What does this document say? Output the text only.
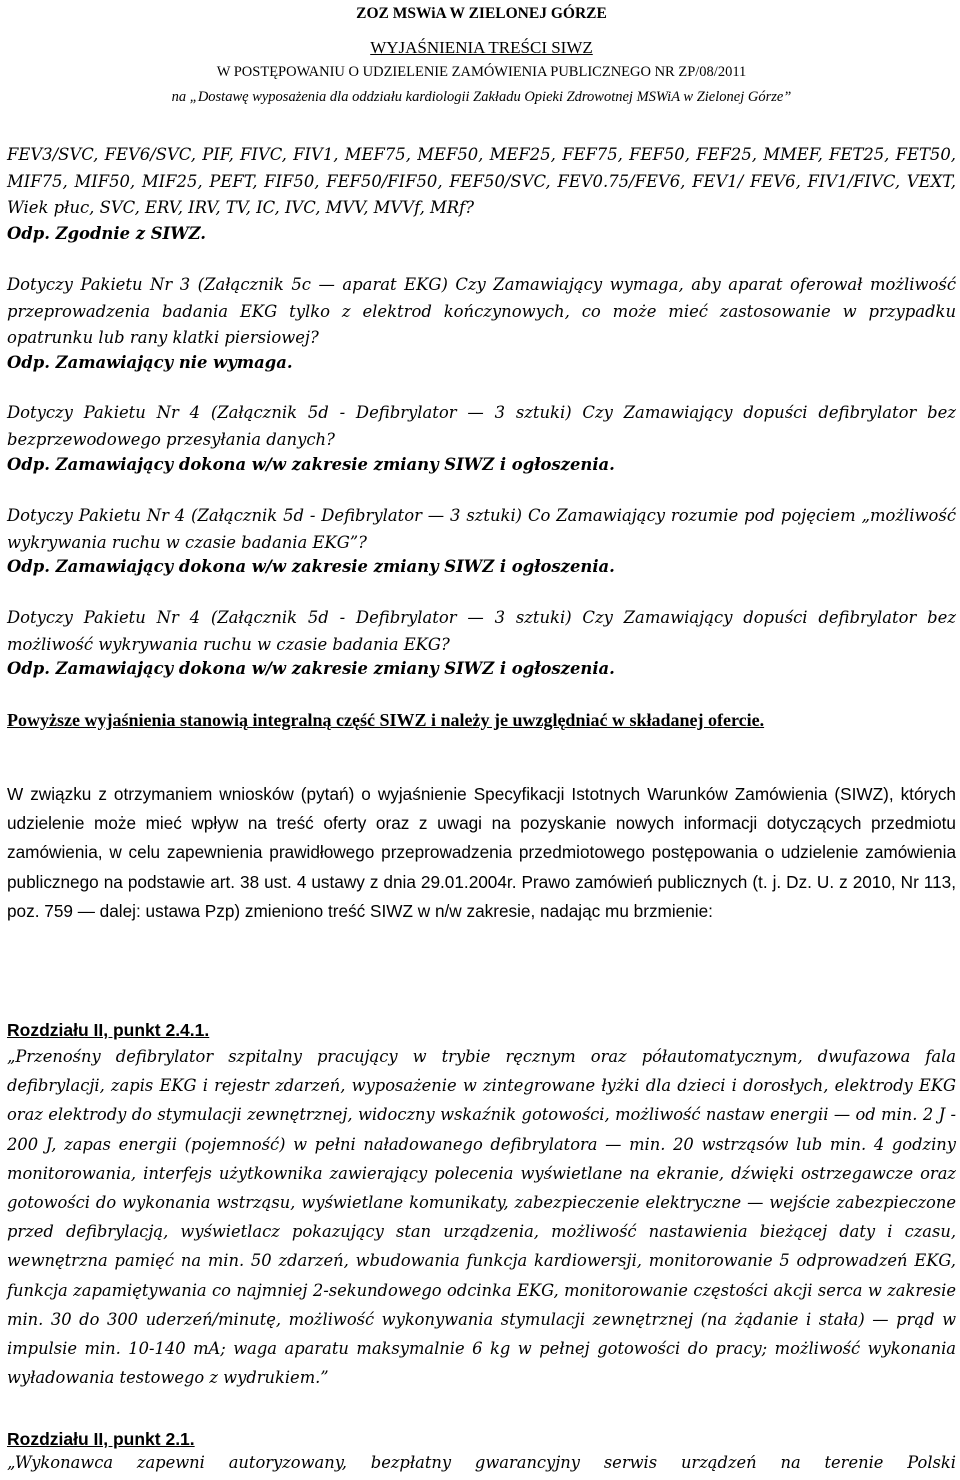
ZOZ MSWiA W ZIELONEJ GÓRZE
WYJAŚNIENIA TREŚCI SIWZ
W POSTĘPOWANIU O UDZIELENIE ZAMÓWIENIA PUBLICZNEGO NR ZP/08/2011
na „Dostawę wyposażenia dla oddziału kardiologii Zakładu Opieki Zdrowotnej MSWiA w Zielonej Górze”
FEV3/SVC, FEV6/SVC, PIF, FIVC, FIV1, MEF75, MEF50, MEF25, FEF75, FEF50, FEF25, MMEF, FET25, FET50, MIF75, MIF50, MIF25, PEFT, FIF50, FEF50/FIF50, FEF50/SVC, FEV0.75/FEV6, FEV1/ FEV6, FIV1/FIVC, VEXT, Wiek płuc, SVC, ERV, IRV, TV, IC, IVC, MVV, MVVf, MRf?
Odp. Zgodnie z SIWZ.
Dotyczy Pakietu Nr 3 (Załącznik 5c — aparat EKG) Czy Zamawiający wymaga, aby aparat oferował możliwość przeprowadzenia badania EKG tylko z elektrod kończynowych, co może mieć zastosowanie w przypadku opatrunku lub rany klatki piersiowej?
Odp. Zamawiający nie wymaga.
Dotyczy Pakietu Nr 4 (Załącznik 5d - Defibrylator — 3 sztuki) Czy Zamawiający dopuści defibrylator bez bezprzewodowego przesyłania danych?
Odp. Zamawiający dokona w/w zakresie zmiany SIWZ i ogłoszenia.
Dotyczy Pakietu Nr 4 (Załącznik 5d - Defibrylator — 3 sztuki) Co Zamawiający rozumie pod pojęciem „możliwość wykrywania ruchu w czasie badania EKG”?
Odp. Zamawiający dokona w/w zakresie zmiany SIWZ i ogłoszenia.
Dotyczy Pakietu Nr 4 (Załącznik 5d - Defibrylator — 3 sztuki) Czy Zamawiający dopuści defibrylator bez możliwość wykrywania ruchu w czasie badania EKG?
Odp. Zamawiający dokona w/w zakresie zmiany SIWZ i ogłoszenia.
Powyższe wyjaśnienia stanowią integralną część SIWZ i należy je uwzględniać w składanej ofercie.
W związku z otrzymaniem wniosków (pytań) o wyjaśnienie Specyfikacji Istotnych Warunków Zamówienia (SIWZ), których udzielenie może mieć wpływ na treść oferty oraz z uwagi na pozyskanie nowych informacji dotyczących przedmiotu zamówienia, w celu zapewnienia prawidłowego przeprowadzenia przedmiotowego postępowania o udzielenie zamówienia publicznego na podstawie art. 38 ust. 4 ustawy z dnia 29.01.2004r. Prawo zamówień publicznych (t. j. Dz. U. z 2010, Nr 113, poz. 759 — dalej: ustawa Pzp) zmieniono treść SIWZ w n/w zakresie, nadając mu brzmienie:
Rozdziału II, punkt 2.4.1.
„Przenośny defibrylator szpitalny pracujący w trybie ręcznym oraz półautomatycznym, dwufazowa fala defibrylacji, zapis EKG i rejestr zdarzeń, wyposażenie w zintegrowane łyżki dla dzieci i dorosłych, elektrody EKG oraz elektrody do stymulacji zewnętrznej, widoczny wskaźnik gotowości, możliwość nastaw energii — od min. 2 J - 200 J, zapas energii (pojemność) w pełni naładowanego defibrylatora — min. 20 wstrząsów lub min. 4 godziny monitorowania, interfejs użytkownika zawierający polecenia wyświetlane na ekranie, dźwięki ostrzegawcze oraz gotowości do wykonania wstrząsu, wyświetlane komunikaty, zabezpieczenie elektryczne — wejście zabezpieczone przed defibrylacją, wyświetlacz pokazujący stan urządzenia, możliwość nastawienia bieżącej daty i czasu, wewnętrzna pamięć na min. 50 zdarzeń, wbudowania funkcja kardiowersji, monitorowanie 5 odprowadzeń EKG, funkcja zapamiętywania co najmniej 2-sekundowego odcinka EKG, monitorowanie częstości akcji serca w zakresie min. 30 do 300 uderzeń/minutę, możliwość wykonywania stymulacji zewnętrznej (na żądanie i stała) — prąd w impulsie min. 10-140 mA; waga aparatu maksymalnie 6 kg w pełnej gotowości do pracy; możliwość wykonania wyładowania testowego z wydrukiem.”
Rozdziału II, punkt 2.1.
„Wykonawca zapewni autoryzowany, bezpłatny gwarancyjny serwis urządzeń na terenie Polski
